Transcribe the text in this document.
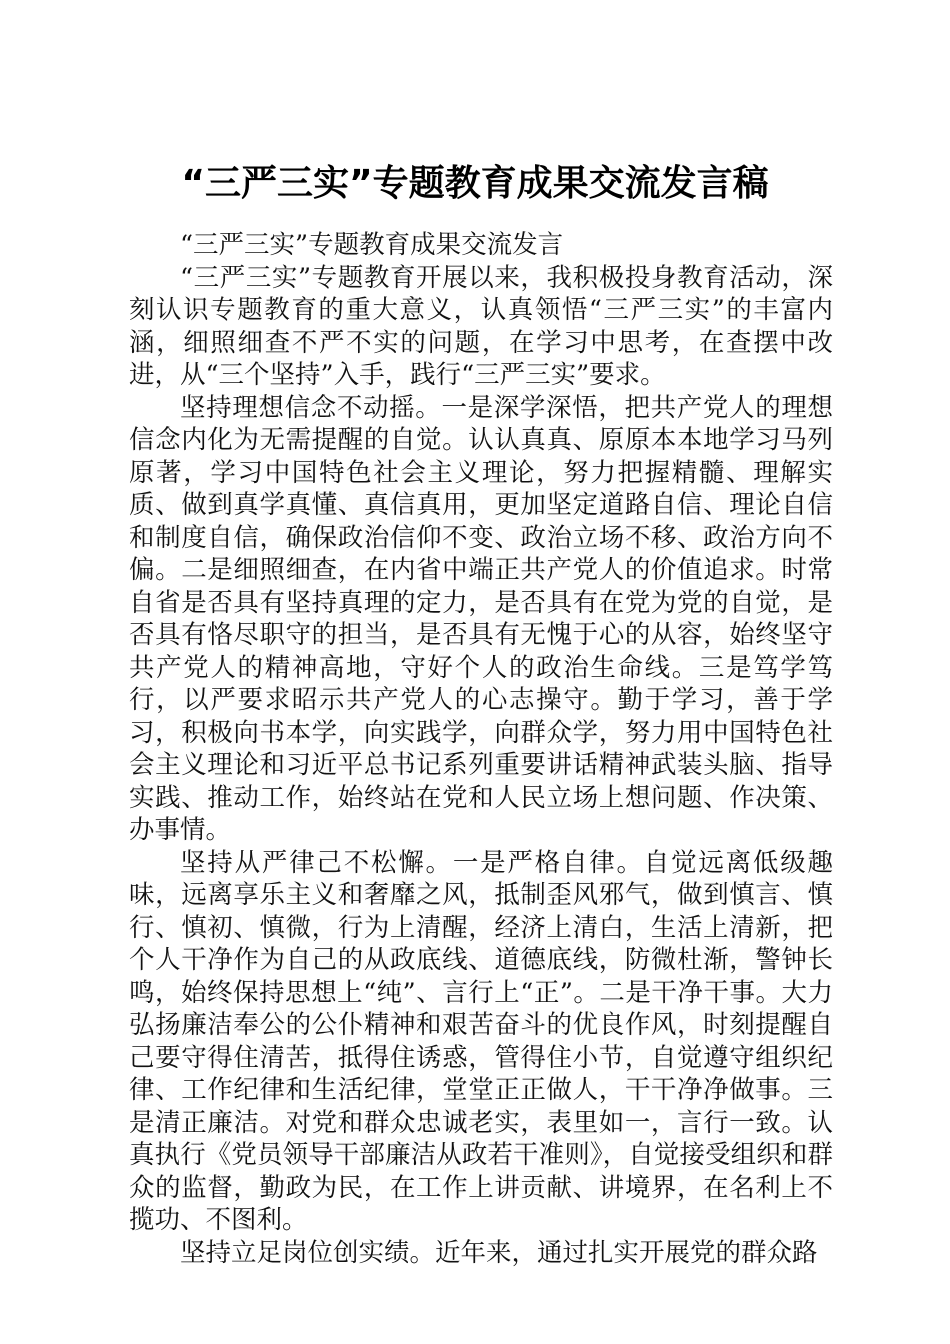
“三严三实”专题教育成果交流发言稿

“三严三实”专题教育成果交流发言

“三严三实”专题教育开展以来，我积极投身教育活动，深刻认识专题教育的重大意义，认真领悟“三严三实”的丰富内涵，细照细查不严不实的问题，在学习中思考，在查摆中改进，从“三个坚持”入手，践行“三严三实”要求。

坚持理想信念不动摇。一是深学深悟，把共产党人的理想信念内化为无需提醒的自觉。认认真真、原原本本地学习马列原著，学习中国特色社会主义理论，努力把握精髓、理解实质、做到真学真懂、真信真用，更加坚定道路自信、理论自信和制度自信，确保政治信仰不变、政治立场不移、政治方向不偏。二是细照细查，在内省中端正共产党人的价值追求。时常自省是否具有坚持真理的定力，是否具有在党为党的自觉，是否具有恪尽职守的担当，是否具有无愧于心的从容，始终坚守共产党人的精神高地，守好个人的政治生命线。三是笃学笃行，以严要求昭示共产党人的心志操守。勤于学习，善于学习，积极向书本学，向实践学，向群众学，努力用中国特色社会主义理论和习近平总书记系列重要讲话精神武装头脑、指导实践、推动工作，始终站在党和人民立场上想问题、作决策、办事情。

坚持从严律己不松懈。一是严格自律。自觉远离低级趣味，远离享乐主义和奢靡之风，抵制歪风邪气，做到慎言、慎行、慎初、慎微，行为上清醒，经济上清白，生活上清新，把个人干净作为自己的从政底线、道德底线，防微杜渐，警钟长鸣，始终保持思想上“纯”、言行上“正”。二是干净干事。大力弘扬廉洁奉公的公仆精神和艰苦奋斗的优良作风，时刻提醒自己要守得住清苦，抵得住诱惑，管得住小节，自觉遵守组织纪律、工作纪律和生活纪律，堂堂正正做人，干干净净做事。三是清正廉洁。对党和群众忠诚老实，表里如一，言行一致。认真执行《党员领导干部廉洁从政若干准则》，自觉接受组织和群众的监督，勤政为民，在工作上讲贡献、讲境界，在名利上不揽功、不图利。

坚持立足岗位创实绩。近年来，通过扎实开展党的群众路
